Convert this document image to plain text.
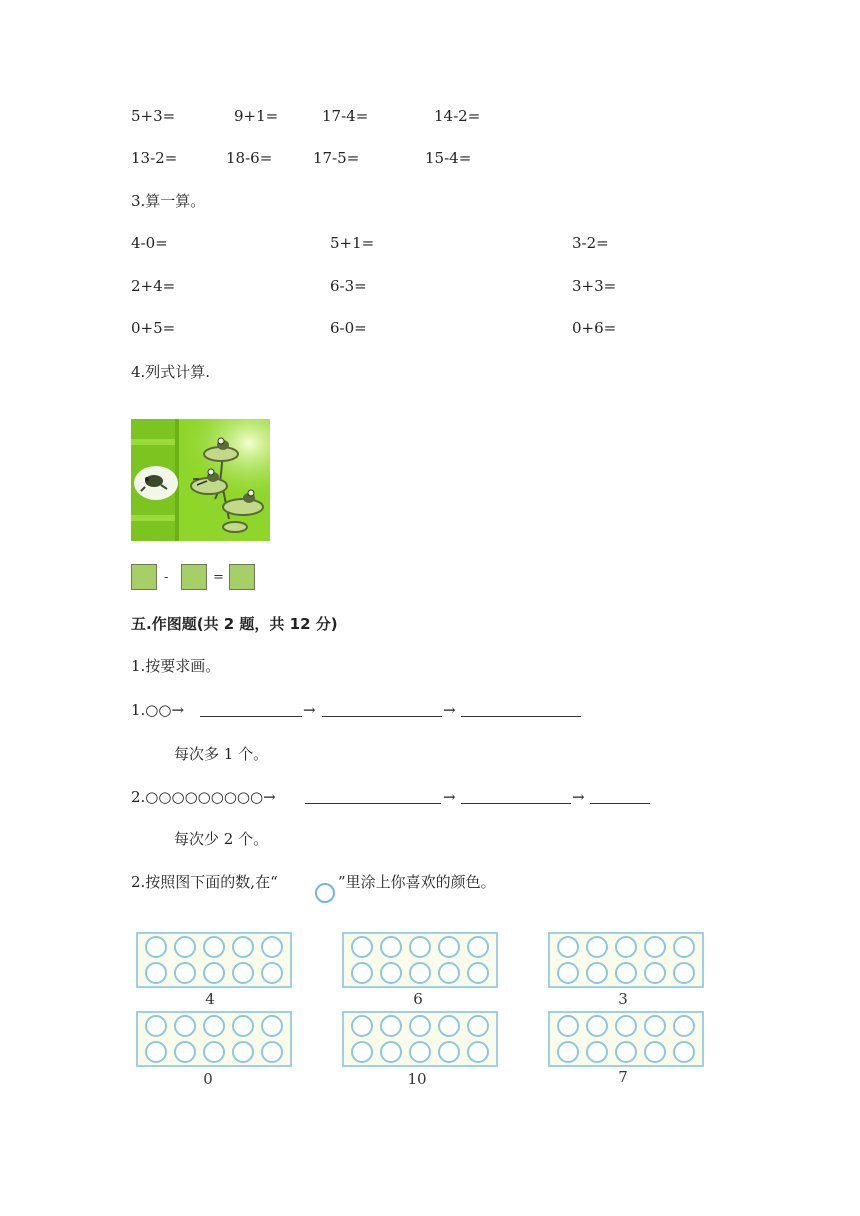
5+3=	9+1=	17-4=	14-2=
13-2=	18-6=	17-5=	15-4=
3.算一算。
4-0=	5+1=	3-2=
2+4=	6-3=	3+3=
0+5=	6-0=	0+6=
4.列式计算.
-	=
五.作图题(共 2 题，共 12 分)
1.按要求画。
1.○○→	→	→
每次多 1 个。
2.○○○○○○○○○→	→	→
每次少 2 个。
2.按照图下面的数,在“	”里涂上你喜欢的颜色。
4	6	3
0	10	7
